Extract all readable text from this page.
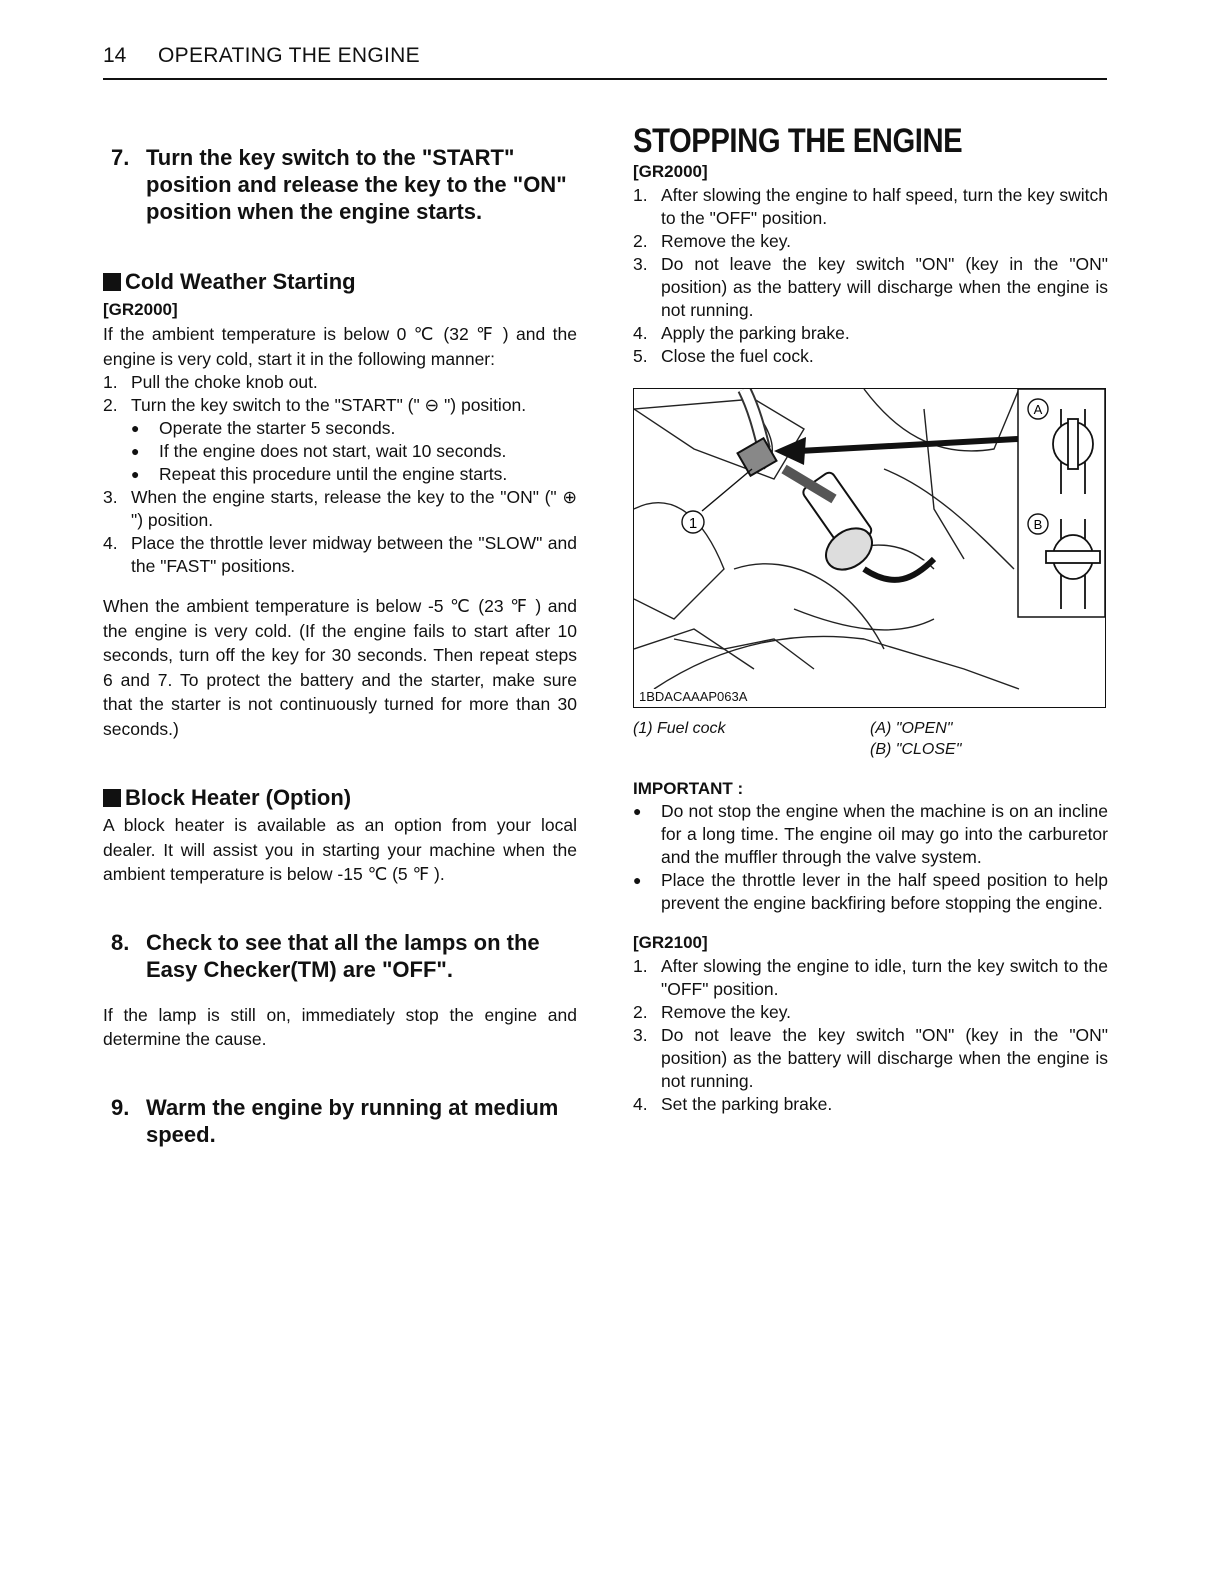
14 OPERATING THE ENGINE
7. Turn the key switch to the "START" position and release the key to the "ON" position when the engine starts.
Cold Weather Starting
[GR2000]

If the ambient temperature is below 0 ℃ (32 ℉ ) and the engine is very cold, start it in the following manner:

1. Pull the choke knob out.
2. Turn the key switch to the "START" (" ⊖ ") position.
●	Operate the starter 5 seconds.
●	If the engine does not start, wait 10 seconds.
●	Repeat this procedure until the engine starts.
3. When the engine starts, release the key to the "ON" (" ⊕ ") position.
4. Place the throttle lever midway between the "SLOW" and the "FAST" positions.

When the ambient temperature is below -5 ℃ (23 ℉ ) and the engine is very cold. (If the engine fails to start after 10 seconds, turn off the key for 30 seconds. Then repeat steps 6 and 7. To protect the battery and the starter, make sure that the starter is not continuously turned for more than 30 seconds.)

Block Heater (Option)

A block heater is available as an option from your local dealer. It will assist you in starting your machine when the ambient temperature is below -15 ℃ (5 ℉ ).

8. Check to see that all the lamps on the Easy Checker(TM) are "OFF".

If the lamp is still on, immediately stop the engine and determine the cause.

9. Warm the engine by running at medium speed.
STOPPING THE ENGINE
[GR2000]
1. After slowing the engine to half speed, turn the key switch to the "OFF" position.
2. Remove the key.
3. Do not leave the key switch "ON" (key in the "ON" position) as the battery will discharge when the engine is not running.
4. Apply the parking brake.
5. Close the fuel cock.
1
A
B
1BDACAAAP063A
(1) Fuel cock	(A) "OPEN"
(B) "CLOSE"
IMPORTANT :
●	Do not stop the engine when the machine is on an incline for a long time. The engine oil may go into the carburetor and the muffler through the valve system.
●	Place the throttle lever in the half speed position to help prevent the engine backfiring before stopping the engine.
[GR2100]
1. After slowing the engine to idle, turn the key switch to the "OFF" position.
2. Remove the key.
3. Do not leave the key switch "ON" (key in the "ON" position) as the battery will discharge when the engine is not running.
4. Set the parking brake.
